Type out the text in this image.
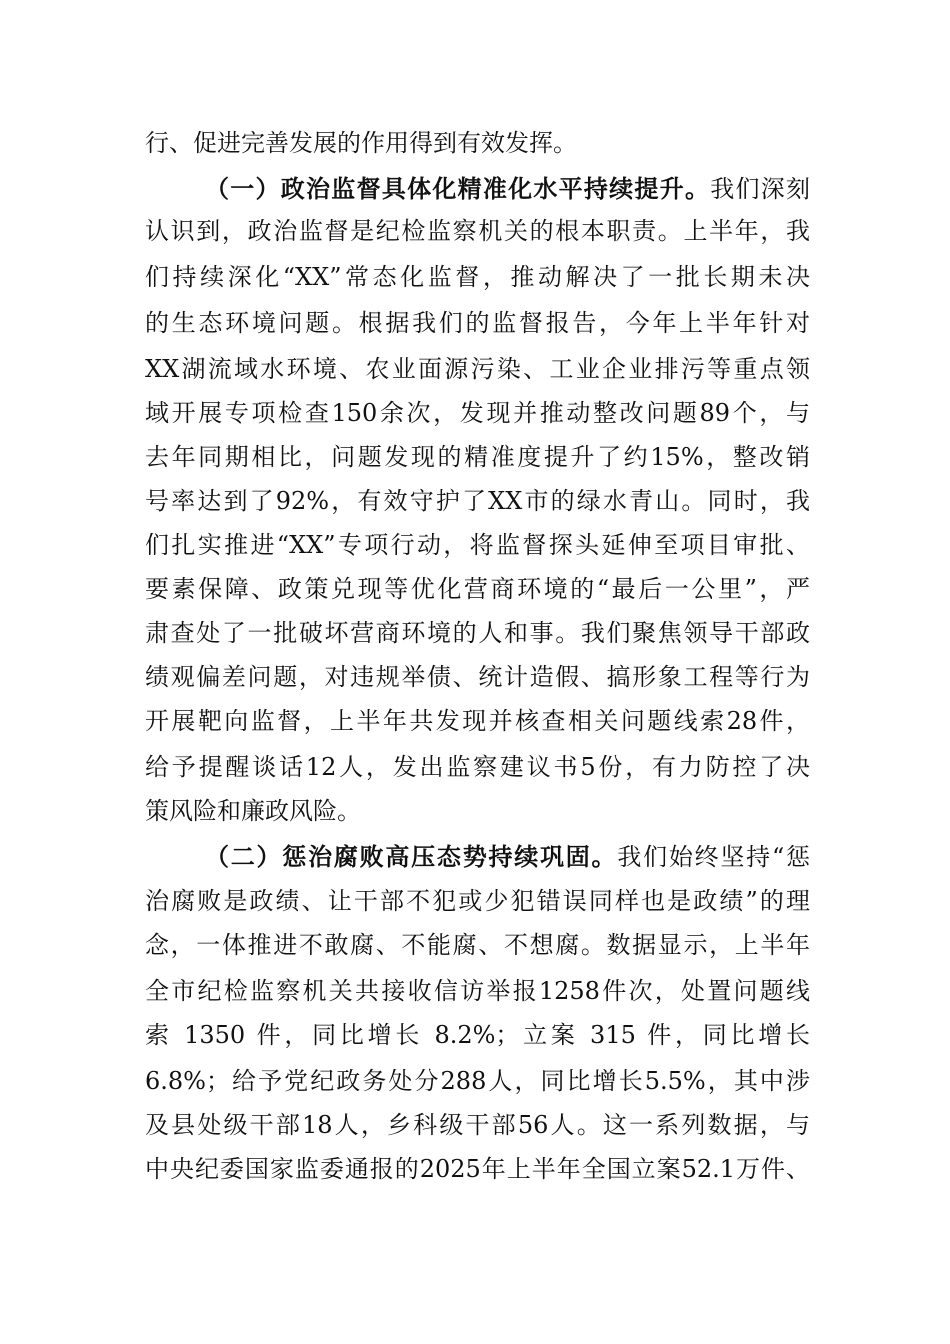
行、促进完善发展的作用得到有效发挥。
（一）政治监督具体化精准化水平持续提升。我们深刻
认识到，政治监督是纪检监察机关的根本职责。上半年，我
们持续深化“XX”常态化监督，推动解决了一批长期未决
的生态环境问题。根据我们的监督报告，今年上半年针对
XX湖流域水环境、农业面源污染、工业企业排污等重点领
域开展专项检查150余次，发现并推动整改问题89个，与
去年同期相比，问题发现的精准度提升了约15%，整改销
号率达到了92%，有效守护了XX市的绿水青山。同时，我
们扎实推进“XX”专项行动，将监督探头延伸至项目审批、
要素保障、政策兑现等优化营商环境的“最后一公里”，严
肃查处了一批破坏营商环境的人和事。我们聚焦领导干部政
绩观偏差问题，对违规举债、统计造假、搞形象工程等行为
开展靶向监督，上半年共发现并核查相关问题线索28件，
给予提醒谈话12人，发出监察建议书5份，有力防控了决
策风险和廉政风险。
（二）惩治腐败高压态势持续巩固。我们始终坚持“惩
治腐败是政绩、让干部不犯或少犯错误同样也是政绩”的理
念，一体推进不敢腐、不能腐、不想腐。数据显示，上半年
全市纪检监察机关共接收信访举报1258件次，处置问题线
索 1350 件，同比增长 8.2%；立案 315 件，同比增长
6.8%；给予党纪政务处分288人，同比增长5.5%，其中涉
及县处级干部18人，乡科级干部56人。这一系列数据，与
中央纪委国家监委通报的2025年上半年全国立案52.1万件、
